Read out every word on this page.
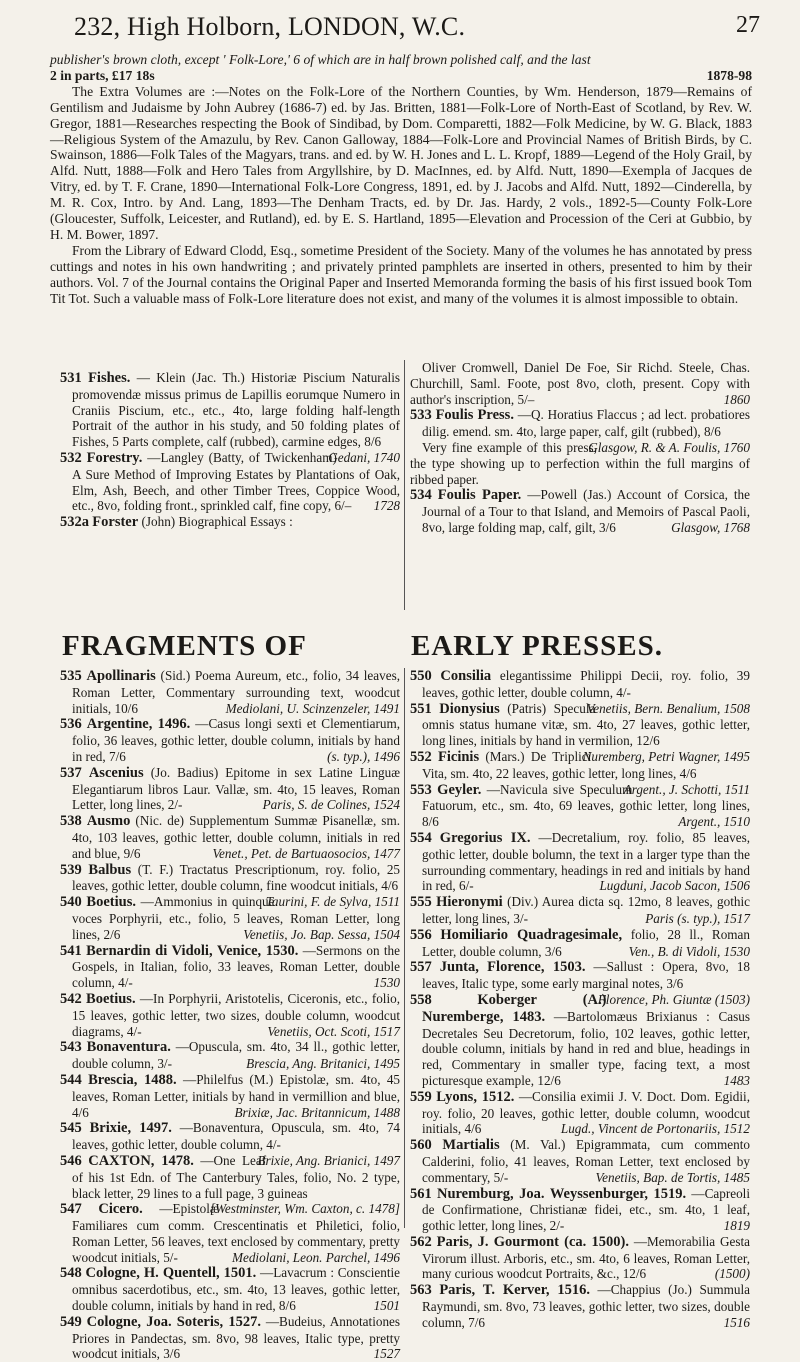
232, High Holborn, LONDON, W.C.	27

publisher's brown cloth, except ' Folk-Lore,' 6 of which are in half brown polished calf, and the last

2 in parts, £17 18s	1878-98

The Extra Volumes are :—Notes on the Folk-Lore of the Northern Counties, by Wm. Henderson, 1879—Remains of Gentilism and Judaisme by John Aubrey (1686-7) ed. by Jas. Britten, 1881—Folk-Lore of North-East of Scotland, by Rev. W. Gregor, 1881—Researches respecting the Book of Sindibad, by Dom. Comparetti, 1882—Folk Medicine, by W. G. Black, 1883—Religious System of the Amazulu, by Rev. Canon Galloway, 1884—Folk-Lore and Provincial Names of British Birds, by C. Swainson, 1886—Folk Tales of the Magyars, trans. and ed. by W. H. Jones and L. L. Kropf, 1889—Legend of the Holy Grail, by Alfd. Nutt, 1888—Folk and Hero Tales from Argyllshire, by D. MacInnes, ed. by Alfd. Nutt, 1890—Exempla of Jacques de Vitry, ed. by T. F. Crane, 1890—International Folk-Lore Congress, 1891, ed. by J. Jacobs and Alfd. Nutt, 1892—Cinderella, by M. R. Cox, Intro. by And. Lang, 1893—The Denham Tracts, ed. by Dr. Jas. Hardy, 2 vols., 1892-5—County Folk-Lore (Gloucester, Suffolk, Leicester, and Rutland), ed. by E. S. Hartland, 1895—Elevation and Procession of the Ceri at Gubbio, by H. M. Bower, 1897.

From the Library of Edward Clodd, Esq., sometime President of the Society. Many of the volumes he has annotated by press cuttings and notes in his own handwriting ; and privately printed pamphlets are inserted in others, presented to him by their authors. Vol. 7 of the Journal contains the Original Paper and Inserted Memoranda forming the basis of his first issued book Tom Tit Tot. Such a valuable mass of Folk-Lore literature does not exist, and many of the volumes it is almost impossible to obtain.

531 Fishes. — Klein (Jac. Th.) Historiæ Piscium Naturalis promovendæ missus primus de Lapillis eorumque Numero in Craniis Piscium, etc., etc., 4to, large folding half-length Portrait of the author in his study, and 50 folding plates of Fishes, 5 Parts complete, calf (rubbed), carmine edges, 8/6
Gedani, 1740

532 Forestry. —Langley (Batty, of Twickenham) A Sure Method of Improving Estates by Plantations of Oak, Elm, Ash, Beech, and other Timber Trees, Coppice Wood, etc., 8vo, folding front., sprinkled calf, fine copy, 6/– 1728

532a Forster (John) Biographical Essays :

Oliver Cromwell, Daniel De Foe, Sir Richd. Steele, Chas. Churchill, Saml. Foote, post 8vo, cloth, present. Copy with author's inscription, 5/–	1860

533 Foulis Press. —Q. Horatius Flaccus ; ad lect. probatiores dilig. emend. sm. 4to, large paper, calf, gilt (rubbed), 8/6
Glasgow, R. & A. Foulis, 1760

Very fine example of this press, the type showing up to perfection within the full margins of ribbed paper.

534 Foulis Paper. —Powell (Jas.) Account of Corsica, the Journal of a Tour to that Island, and Memoirs of Pascal Paoli, 8vo, large folding map, calf, gilt, 3/6	Glasgow, 1768

FRAGMENTS OF	EARLY PRESSES.

535 Apollinaris (Sid.) Poema Aureum, etc., folio, 34 leaves, Roman Letter, Commentary surrounding text, woodcut initials, 10/6	Mediolani, U. Scinzenzeler, 1491

536 Argentine, 1496. —Casus longi sexti et Clementiarum, folio, 36 leaves, gothic letter, double column, initials by hand in red, 7/6	(s. typ.), 1496

537 Ascenius (Jo. Badius) Epitome in sex Latine Linguæ Elegantiarum libros Laur. Vallæ, sm. 4to, 15 leaves, Roman Letter, long lines, 2/-	Paris, S. de Colines, 1524

538 Ausmo (Nic. de) Supplementum Summæ Pisanellæ, sm. 4to, 103 leaves, gothic letter, double column, initials in red and blue, 9/6	Venet., Pet. de Bartuaosocios, 1477

539 Balbus (T. F.) Tractatus Prescriptionum, roy. folio, 25 leaves, gothic letter, double column, fine woodcut initials, 4/6
Taurini, F. de Sylva, 1511

540 Boetius. —Ammonius in quinque voces Porphyrii, etc., folio, 5 leaves, Roman Letter, long lines, 2/6	Venetiis, Jo. Bap. Sessa, 1504

541 Bernardin di Vidoli, Venice, 1530. —Sermons on the Gospels, in Italian, folio, 33 leaves, Roman Letter, double column, 4/-	1530

542 Boetius. —In Porphyrii, Aristotelis, Ciceronis, etc., folio, 15 leaves, gothic letter, two sizes, double column, woodcut diagrams, 4/-	Venetiis, Oct. Scoti, 1517

543 Bonaventura. —Opuscula, sm. 4to, 34 ll., gothic letter, double column, 3/-	Brescia, Ang. Britanici, 1495

544 Brescia, 1488. —Philelfus (M.) Epistolæ, sm. 4to, 45 leaves, Roman Letter, initials by hand in vermillion and blue, 4/6	Brixiæ, Jac. Britannicum, 1488

545 Brixie, 1497. —Bonaventura, Opuscula, sm. 4to, 74 leaves, gothic letter, double column, 4/-
Brixie, Ang. Brianici, 1497

546 CAXTON, 1478. —One Leaf of his 1st Edn. of The Canterbury Tales, folio, No. 2 type, black letter, 29 lines to a full page, 3 guineas
[Westminster, Wm. Caxton, c. 1478]

547 Cicero. —Epistolæ Familiares cum comm. Crescentinatis et Philetici, folio, Roman Letter, 56 leaves, text enclosed by commentary, pretty woodcut initials, 5/-	Mediolani, Leon. Parchel, 1496

548 Cologne, H. Quentell, 1501. —Lavacrum : Conscientie omnibus sacerdotibus, etc., sm. 4to, 13 leaves, gothic letter, double column, initials by hand in red, 8/6	1501

549 Cologne, Joa. Soteris, 1527. —Budeius, Annotationes Priores in Pandectas, sm. 8vo, 98 leaves, Italic type, pretty woodcut initials, 3/6	1527

550 Consilia elegantissime Philippi Decii, roy. folio, 39 leaves, gothic letter, double column, 4/-
Venetiis, Bern. Benalium, 1508

551 Dionysius (Patris) Specula omnis status humane vitæ, sm. 4to, 27 leaves, gothic letter, long lines, initials by hand in vermilion, 12/6
Nuremberg, Petri Wagner, 1495

552 Ficinis (Mars.) De Triplici Vita, sm. 4to, 22 leaves, gothic letter, long lines, 4/6
Argent., J. Schotti, 1511

553 Geyler. —Navicula sive Speculum Fatuorum, etc., sm. 4to, 69 leaves, gothic letter, long lines, 8/6	Argent., 1510

554 Gregorius IX. —Decretalium, roy. folio, 85 leaves, gothic letter, double bolumn, the text in a larger type than the surrounding commentary, headings in red and initials by hand in red, 6/-	Lugduni, Jacob Sacon, 1506

555 Hieronymi (Div.) Aurea dicta sq. 12mo, 8 leaves, gothic letter, long lines, 3/-	Paris (s. typ.), 1517

556 Homiliario Quadragesimale, folio, 28 ll., Roman Letter, double column, 3/6	Ven., B. di Vidoli, 1530

557 Junta, Florence, 1503. —Sallust : Opera, 8vo, 18 leaves, Italic type, some early marginal notes, 3/6
Florence, Ph. Giuntæ (1503)

558	Koberger (A.) Nuremberge, 1483. —Bartolomæus Brixianus : Casus Decretales Seu Decretorum, folio, 102 leaves, gothic letter, double column, initials by hand in red and blue, headings in red, Commentary in smaller type, facing text, a most picturesque example, 12/6	1483

559 Lyons, 1512. —Consilia eximii J. V. Doct. Dom. Egidii, roy. folio, 20 leaves, gothic letter, double column, woodcut initials, 4/6	Lugd., Vincent de Portonariis, 1512

560 Martialis (M. Val.) Epigrammata, cum commento Calderini, folio, 41 leaves, Roman Letter, text enclosed by commentary, 5/-	Venetiis, Bap. de Tortis, 1485

561 Nuremburg, Joa. Weyssenburger, 1519. —Capreoli de Confirmatione, Christianæ fidei, etc., sm. 4to, 1 leaf, gothic letter, long lines, 2/-	1819

562 Paris, J. Gourmont (ca. 1500). —Memorabilia Gesta Virorum illust. Arboris, etc., sm. 4to, 6 leaves, Roman Letter, many curious woodcut Portraits, &c., 12/6	(1500)

563 Paris, T. Kerver, 1516. —Chappius (Jo.) Summula Raymundi, sm. 8vo, 73 leaves, gothic letter, two sizes, double column, 7/6	1516
